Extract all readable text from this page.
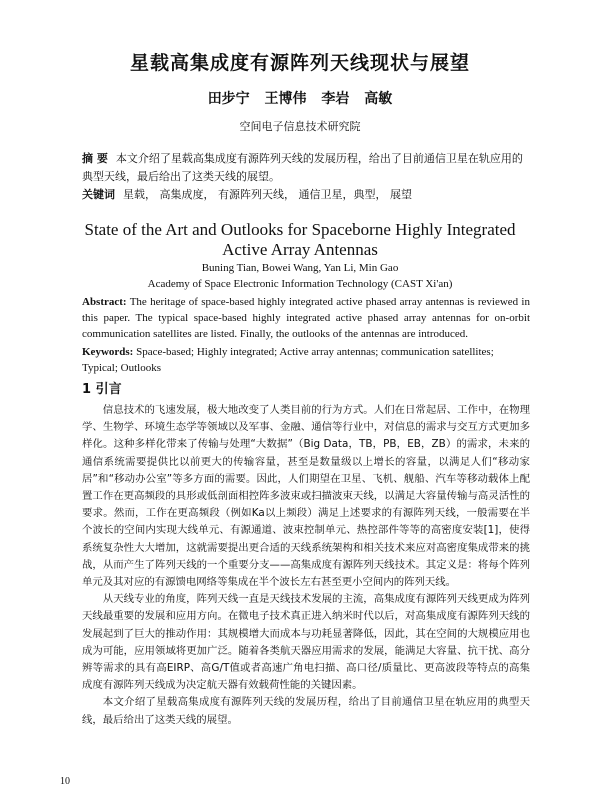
星载高集成度有源阵列天线现状与展望
田步宁 王博伟 李岩 高敏
空间电子信息技术研究院
摘 要 本文介绍了星载高集成度有源阵列天线的发展历程，给出了目前通信卫星在轨应用的典型天线，最后给出了这类天线的展望。
关键词 星载， 高集成度， 有源阵列天线， 通信卫星，典型， 展望
State of the Art and Outlooks for Spaceborne Highly Integrated
Active Array Antennas
Buning Tian, Bowei Wang, Yan Li, Min Gao
Academy of Space Electronic Information Technology (CAST Xi'an)
Abstract: The heritage of space-based highly integrated active phased array antennas is reviewed in this paper. The typical space-based highly integrated active phased array antennas for on-orbit communication satellites are listed. Finally, the outlooks of the antennas are introduced.
Keywords: Space-based; Highly integrated; Active array antennas; communication satellites; Typical; Outlooks
1 引言

信息技术的飞速发展，极大地改变了人类目前的行为方式。人们在日常起居、工作中，在物理学、生物学、环境生态学等领域以及军事、金融、通信等行业中，对信息的需求与交互方式更加多样化。这种多样化带来了传输与处理“大数据”（Big Data，TB，PB，EB，ZB）的需求，未来的通信系统需要提供比以前更大的传输容量，甚至是数量级以上增长的容量，以满足人们“移动家居”和“移动办公室”等多方面的需要。因此，人们期望在卫星、飞机、舰船、汽车等移动载体上配置工作在更高频段的具形或低剖面相控阵多波束或扫描波束天线，以满足大容量传输与高灵活性的要求。然而，工作在更高频段（例如Ka以上频段）满足上述要求的有源阵列天线，一般需要在半个波长的空间内实现大线单元、有源通道、波束控制单元、热控部件等等的高密度安装[1]，使得系统复杂性大大增加，这就需要提出更合适的天线系统架构和相关技术来应对高密度集成带来的挑战，从而产生了阵列天线的一个重要分支——高集成度有源阵列天线技术。其定义是：将每个阵列单元及其对应的有源馈电网络等集成在半个波长左右甚至更小空间内的阵列天线。

从天线专业的角度，阵列天线一直是天线技术发展的主流，高集成度有源阵列天线更成为阵列天线最重要的发展和应用方向。在微电子技术真正进入纳米时代以后，对高集成度有源阵列天线的发展起到了巨大的推动作用：其规模增大而成本与功耗显著降低，因此，其在空间的大规模应用也成为可能，应用领域将更加广泛。随着各类航天器应用需求的发展，能满足大容量、抗干扰、高分辨等需求的具有高EIRP、高G/T值或者高速广角电扫描、高口径/质量比、更高波段等特点的高集成度有源阵列天线成为决定航天器有效载荷性能的关键因素。

本文介绍了星载高集成度有源阵列天线的发展历程，给出了目前通信卫星在轨应用的典型天线，最后给出了这类天线的展望。

10
